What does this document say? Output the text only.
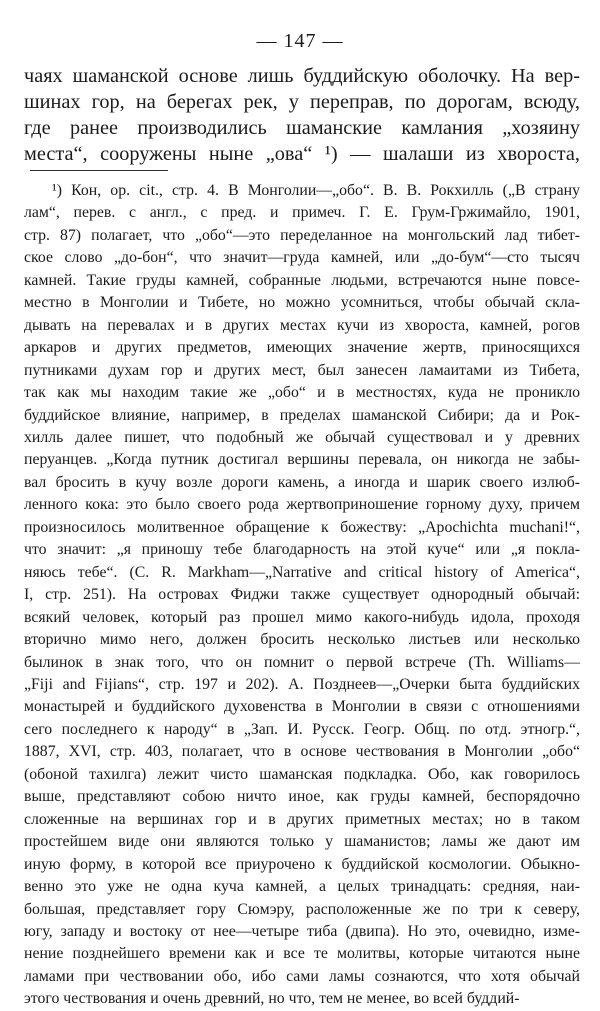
— 147 —
чаях шаманской основе лишь буддийскую оболочку. На вер-
шинах гор, на берегах рек, у переправ, по дорогам, всюду,
где ранее производились шаманские камлания „хозяину
места“, сооружены ныне „ова“ ¹) — шалаши из хвороста,
¹) Кон, op. cit., стр. 4. В Монголии—„обо“. В. В. Рокхилль („В страну
лам“, перев. с англ., с пред. и примеч. Г. Е. Грум-Гржимайло, 1901,
стр. 87) полагает, что „обо“—это переделанное на монгольский лад тибет-
ское слово „до-бон“, что значит—груда камней, или „до-бум“—сто тысяч
камней. Такие груды камней, собранные людьми, встречаются ныне повсе-
местно в Монголии и Тибете, но можно усомниться, чтобы обычай скла-
дывать на перевалах и в других местах кучи из хвороста, камней, рогов
аркаров и других предметов, имеющих значение жертв, приносящихся
путниками духам гор и других мест, был занесен ламаитами из Тибета,
так как мы находим такие же „обо“ и в местностях, куда не проникло
буддийское влияние, например, в пределах шаманской Сибири; да и Рок-
хилль далее пишет, что подобный же обычай существовал и у древних
перуанцев. „Когда путник достигал вершины перевала, он никогда не забы-
вал бросить в кучу возле дороги камень, а иногда и шарик своего излюб-
ленного кока: это было своего рода жертвоприношение горному духу, причем
произносилось молитвенное обращение к божеству: „Apochichta muchani!“,
что значит: „я приношу тебе благодарность на этой куче“ или „я покла-
няюсь тебе“. (C. R. Markham—„Narrative and critical history of America“,
I, стр. 251). На островах Фиджи также существует однородный обычай:
всякий человек, который раз прошел мимо какого-нибудь идола, проходя
вторично мимо него, должен бросить несколько листьев или несколько
былинок в знак того, что он помнит о первой встрече (Th. Williams—
„Fiji and Fijians“, стр. 197 и 202). А. Позднеев—„Очерки быта буддийских
монастырей и буддийского духовенства в Монголии в связи с отношениями
сего последнего к народу“ в „Зап. И. Русск. Геогр. Общ. по отд. этногр.“,
1887, XVI, стр. 403, полагает, что в основе чествования в Монголии „обо“
(обоной тахилга) лежит чисто шаманская подкладка. Обо, как говорилось
выше, представляют собою ничто иное, как груды камней, беспорядочно
сложенные на вершинах гор и в других приметных местах; но в таком
простейшем виде они являются только у шаманистов; ламы же дают им
иную форму, в которой все приурочено к буддийской космологии. Обыкно-
венно это уже не одна куча камней, а целых тринадцать: средняя, наи-
большая, представляет гору Сюмэру, расположенные же по три к северу,
югу, западу и востоку от нее—четыре тиба (двипа). Но это, очевидно, изме-
нение позднейшего времени как и все те молитвы, которые читаются ныне
ламами при чествовании обо, ибо сами ламы сознаются, что хотя обычай
этого чествования и очень древний, но что, тем не менее, во всей буддий-
